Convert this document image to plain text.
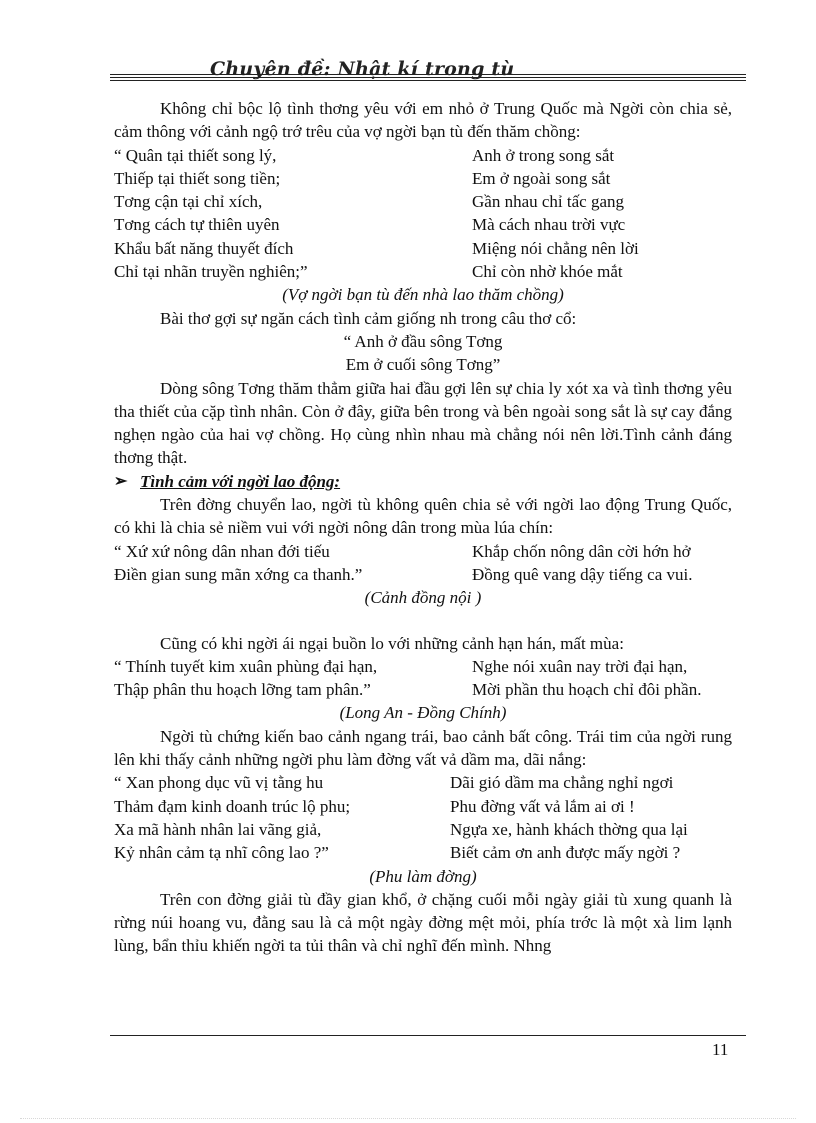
Chuyên đề: Nhật kí trong tù

Không chỉ bộc lộ tình thơng yêu với em nhỏ ở Trung Quốc mà Ngời còn chia sẻ, cảm thông với cảnh ngộ trớ trêu của vợ ngời bạn tù đến thăm chồng:

“ Quân tại thiết song lý,	Anh ở trong song sắt
Thiếp tại thiết song tiền;	Em ở ngoài song sắt
Tơng cận tại chỉ xích,	Gần nhau chỉ tấc gang
Tơng cách tự thiên uyên	Mà cách nhau trời vực
Khẩu bất năng thuyết đích	Miệng nói chẳng nên lời
Chỉ tại nhãn truyền nghiên;”	Chỉ còn nhờ khóe mắt

(Vợ ngời bạn tù đến nhà lao thăm chồng)

Bài thơ gợi sự ngăn cách tình cảm giống nh trong câu thơ cổ:

“ Anh ở đầu sông Tơng

Em ở cuối sông Tơng”

Dòng sông Tơng thăm thẳm giữa hai đầu gợi lên sự chia ly xót xa và tình thơng yêu tha thiết của cặp tình nhân. Còn ở đây, giữa bên trong và bên ngoài song sắt là sự cay đắng nghẹn ngào của hai vợ chồng. Họ cùng nhìn nhau mà chẳng nói nên lời.Tình cảnh đáng thơng thật.

➢ Tình cảm với ngời lao động:

Trên đờng chuyển lao, ngời tù không quên chia sẻ với ngời lao động Trung Quốc, có khi là chia sẻ niềm vui với ngời nông dân trong mùa lúa chín:

“ Xứ xứ nông dân nhan đới tiếu	Khắp chốn nông dân cời hớn hở
Điền gian sung mãn xớng ca thanh.”	Đồng quê vang dậy tiếng ca vui.

(Cảnh đồng nội )

Cũng có khi ngời ái ngại buồn lo với những cảnh hạn hán, mất mùa:

“ Thính tuyết kim xuân phùng đại hạn,	Nghe nói xuân nay trời đại hạn,
Thập phân thu hoạch lỡng tam phân.”	Mời phần thu hoạch chỉ đôi phần.

(Long An - Đồng Chính)

Ngời tù chứng kiến bao cảnh ngang trái, bao cảnh bất công. Trái tim của ngời rung lên khi thấy cảnh những ngời phu làm đờng vất vả dầm ma, dãi nắng:

“ Xan phong dục vũ vị tằng hu	Dãi gió dầm ma chẳng nghỉ ngơi
Thảm đạm kinh doanh trúc lộ phu;	Phu đờng vất vả lắm ai ơi !
Xa mã hành nhân lai vãng giả,	Ngựa xe, hành khách thờng qua lại
Kỷ nhân cảm tạ nhĩ công lao ?”	Biết cảm ơn anh được mấy ngời ?

(Phu làm đờng)

Trên con đờng giải tù đầy gian khổ, ở chặng cuối mỗi ngày giải tù xung quanh là rừng núi hoang vu, đằng sau là cả một ngày đờng mệt mỏi, phía trớc là một xà lim lạnh lùng, bẩn thỉu khiến ngời ta tủi thân và chỉ nghĩ đến mình. Nhng

11
